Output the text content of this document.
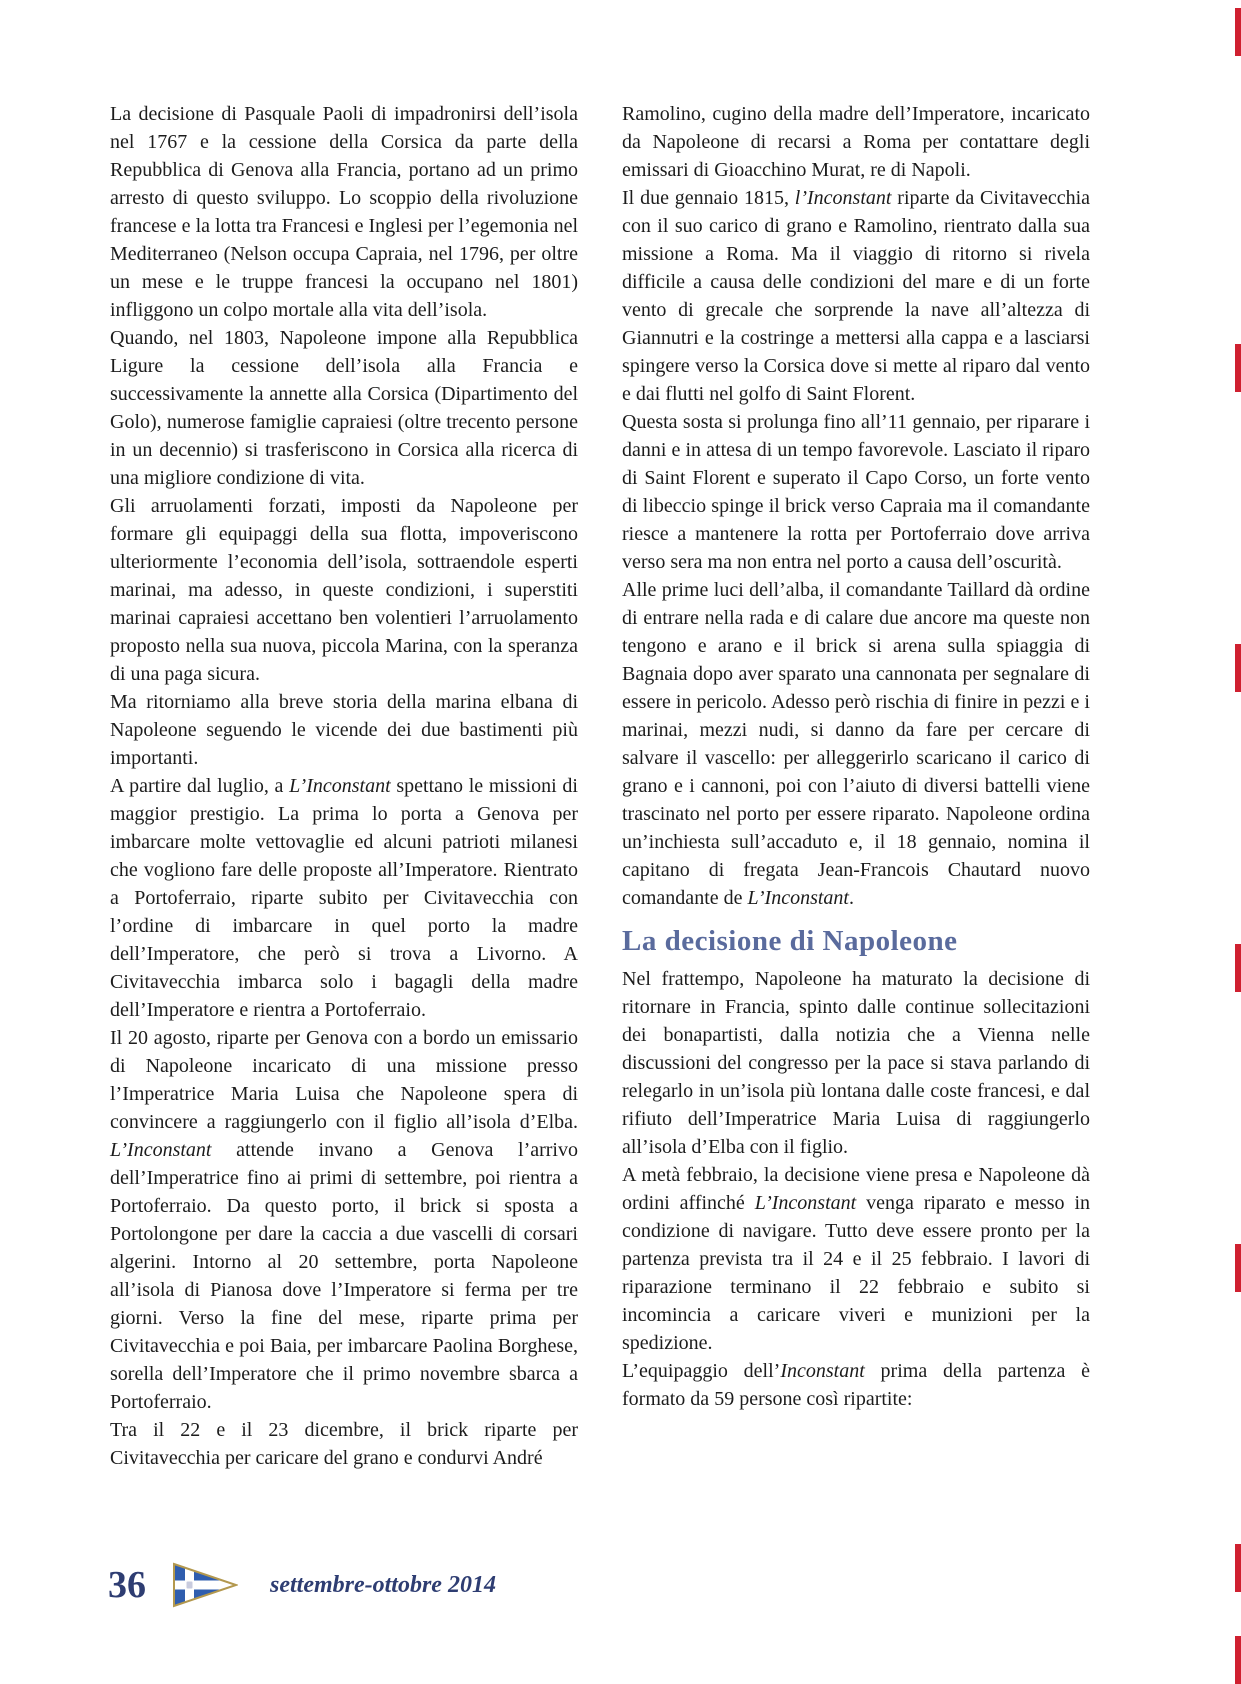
La decisione di Pasquale Paoli di impadronirsi dell’isola nel 1767 e la cessione della Corsica da parte della Repubblica di Genova alla Francia, portano ad un primo arresto di questo sviluppo. Lo scoppio della rivoluzione francese e la lotta tra Francesi e Inglesi per l’egemonia nel Mediterraneo (Nelson occupa Capraia, nel 1796, per oltre un mese e le truppe francesi la occupano nel 1801) infliggono un colpo mortale alla vita dell’isola.

Quando, nel 1803, Napoleone impone alla Repubblica Ligure la cessione dell’isola alla Francia e successivamente la annette alla Corsica (Dipartimento del Golo), numerose famiglie capraiesi (oltre trecento persone in un decennio) si trasferiscono in Corsica alla ricerca di una migliore condizione di vita.

Gli arruolamenti forzati, imposti da Napoleone per formare gli equipaggi della sua flotta, impoveriscono ulteriormente l’economia dell’isola, sottraendole esperti marinai, ma adesso, in queste condizioni, i superstiti marinai capraiesi accettano ben volentieri l’arruolamento proposto nella sua nuova, piccola Marina, con la speranza di una paga sicura.

Ma ritorniamo alla breve storia della marina elbana di Napoleone seguendo le vicende dei due bastimenti più importanti.

A partire dal luglio, a L’Inconstant spettano le missioni di maggior prestigio. La prima lo porta a Genova per imbarcare molte vettovaglie ed alcuni patrioti milanesi che vogliono fare delle proposte all’Imperatore. Rientrato a Portoferraio, riparte subito per Civitavecchia con l’ordine di imbarcare in quel porto la madre dell’Imperatore, che però si trova a Livorno. A Civitavecchia imbarca solo i bagagli della madre dell’Imperatore e rientra a Portoferraio.

Il 20 agosto, riparte per Genova con a bordo un emissario di Napoleone incaricato di una missione presso l’Imperatrice Maria Luisa che Napoleone spera di convincere a raggiungerlo con il figlio all’isola d’Elba. L’Inconstant attende invano a Genova l’arrivo dell’Imperatrice fino ai primi di settembre, poi rientra a Portoferraio. Da questo porto, il brick si sposta a Portolongone per dare la caccia a due vascelli di corsari algerini. Intorno al 20 settembre, porta Napoleone all’isola di Pianosa dove l’Imperatore si ferma per tre giorni. Verso la fine del mese, riparte prima per Civitavecchia e poi Baia, per imbarcare Paolina Borghese, sorella dell’Imperatore che il primo novembre sbarca a Portoferraio.

Tra il 22 e il 23 dicembre, il brick riparte per Civitavecchia per caricare del grano e condurvi André

Ramolino, cugino della madre dell’Imperatore, incaricato da Napoleone di recarsi a Roma per contattare degli emissari di Gioacchino Murat, re di Napoli.

Il due gennaio 1815, l’Inconstant riparte da Civitavecchia con il suo carico di grano e Ramolino, rientrato dalla sua missione a Roma. Ma il viaggio di ritorno si rivela difficile a causa delle condizioni del mare e di un forte vento di grecale che sorprende la nave all’altezza di Giannutri e la costringe a mettersi alla cappa e a lasciarsi spingere verso la Corsica dove si mette al riparo dal vento e dai flutti nel golfo di Saint Florent.

Questa sosta si prolunga fino all’11 gennaio, per riparare i danni e in attesa di un tempo favorevole. Lasciato il riparo di Saint Florent e superato il Capo Corso, un forte vento di libeccio spinge il brick verso Capraia ma il comandante riesce a mantenere la rotta per Portoferraio dove arriva verso sera ma non entra nel porto a causa dell’oscurità.

Alle prime luci dell’alba, il comandante Taillard dà ordine di entrare nella rada e di calare due ancore ma queste non tengono e arano e il brick si arena sulla spiaggia di Bagnaia dopo aver sparato una cannonata per segnalare di essere in pericolo. Adesso però rischia di finire in pezzi e i marinai, mezzi nudi, si danno da fare per cercare di salvare il vascello: per alleggerirlo scaricano il carico di grano e i cannoni, poi con l’aiuto di diversi battelli viene trascinato nel porto per essere riparato. Napoleone ordina un’inchiesta sull’accaduto e, il 18 gennaio, nomina il capitano di fregata Jean-Francois Chautard nuovo comandante de L’Inconstant.

La decisione di Napoleone

Nel frattempo, Napoleone ha maturato la decisione di ritornare in Francia, spinto dalle continue sollecitazioni dei bonapartisti, dalla notizia che a Vienna nelle discussioni del congresso per la pace si stava parlando di relegarlo in un’isola più lontana dalle coste francesi, e dal rifiuto dell’Imperatrice Maria Luisa di raggiungerlo all’isola d’Elba con il figlio.

A metà febbraio, la decisione viene presa e Napoleone dà ordini affinché L’Inconstant venga riparato e messo in condizione di navigare. Tutto deve essere pronto per la partenza prevista tra il 24 e il 25 febbraio. I lavori di riparazione terminano il 22 febbraio e subito si incomincia a caricare viveri e munizioni per la spedizione.

L’equipaggio dell’Inconstant prima della partenza è formato da 59 persone così ripartite:

36	settembre-ottobre 2014
